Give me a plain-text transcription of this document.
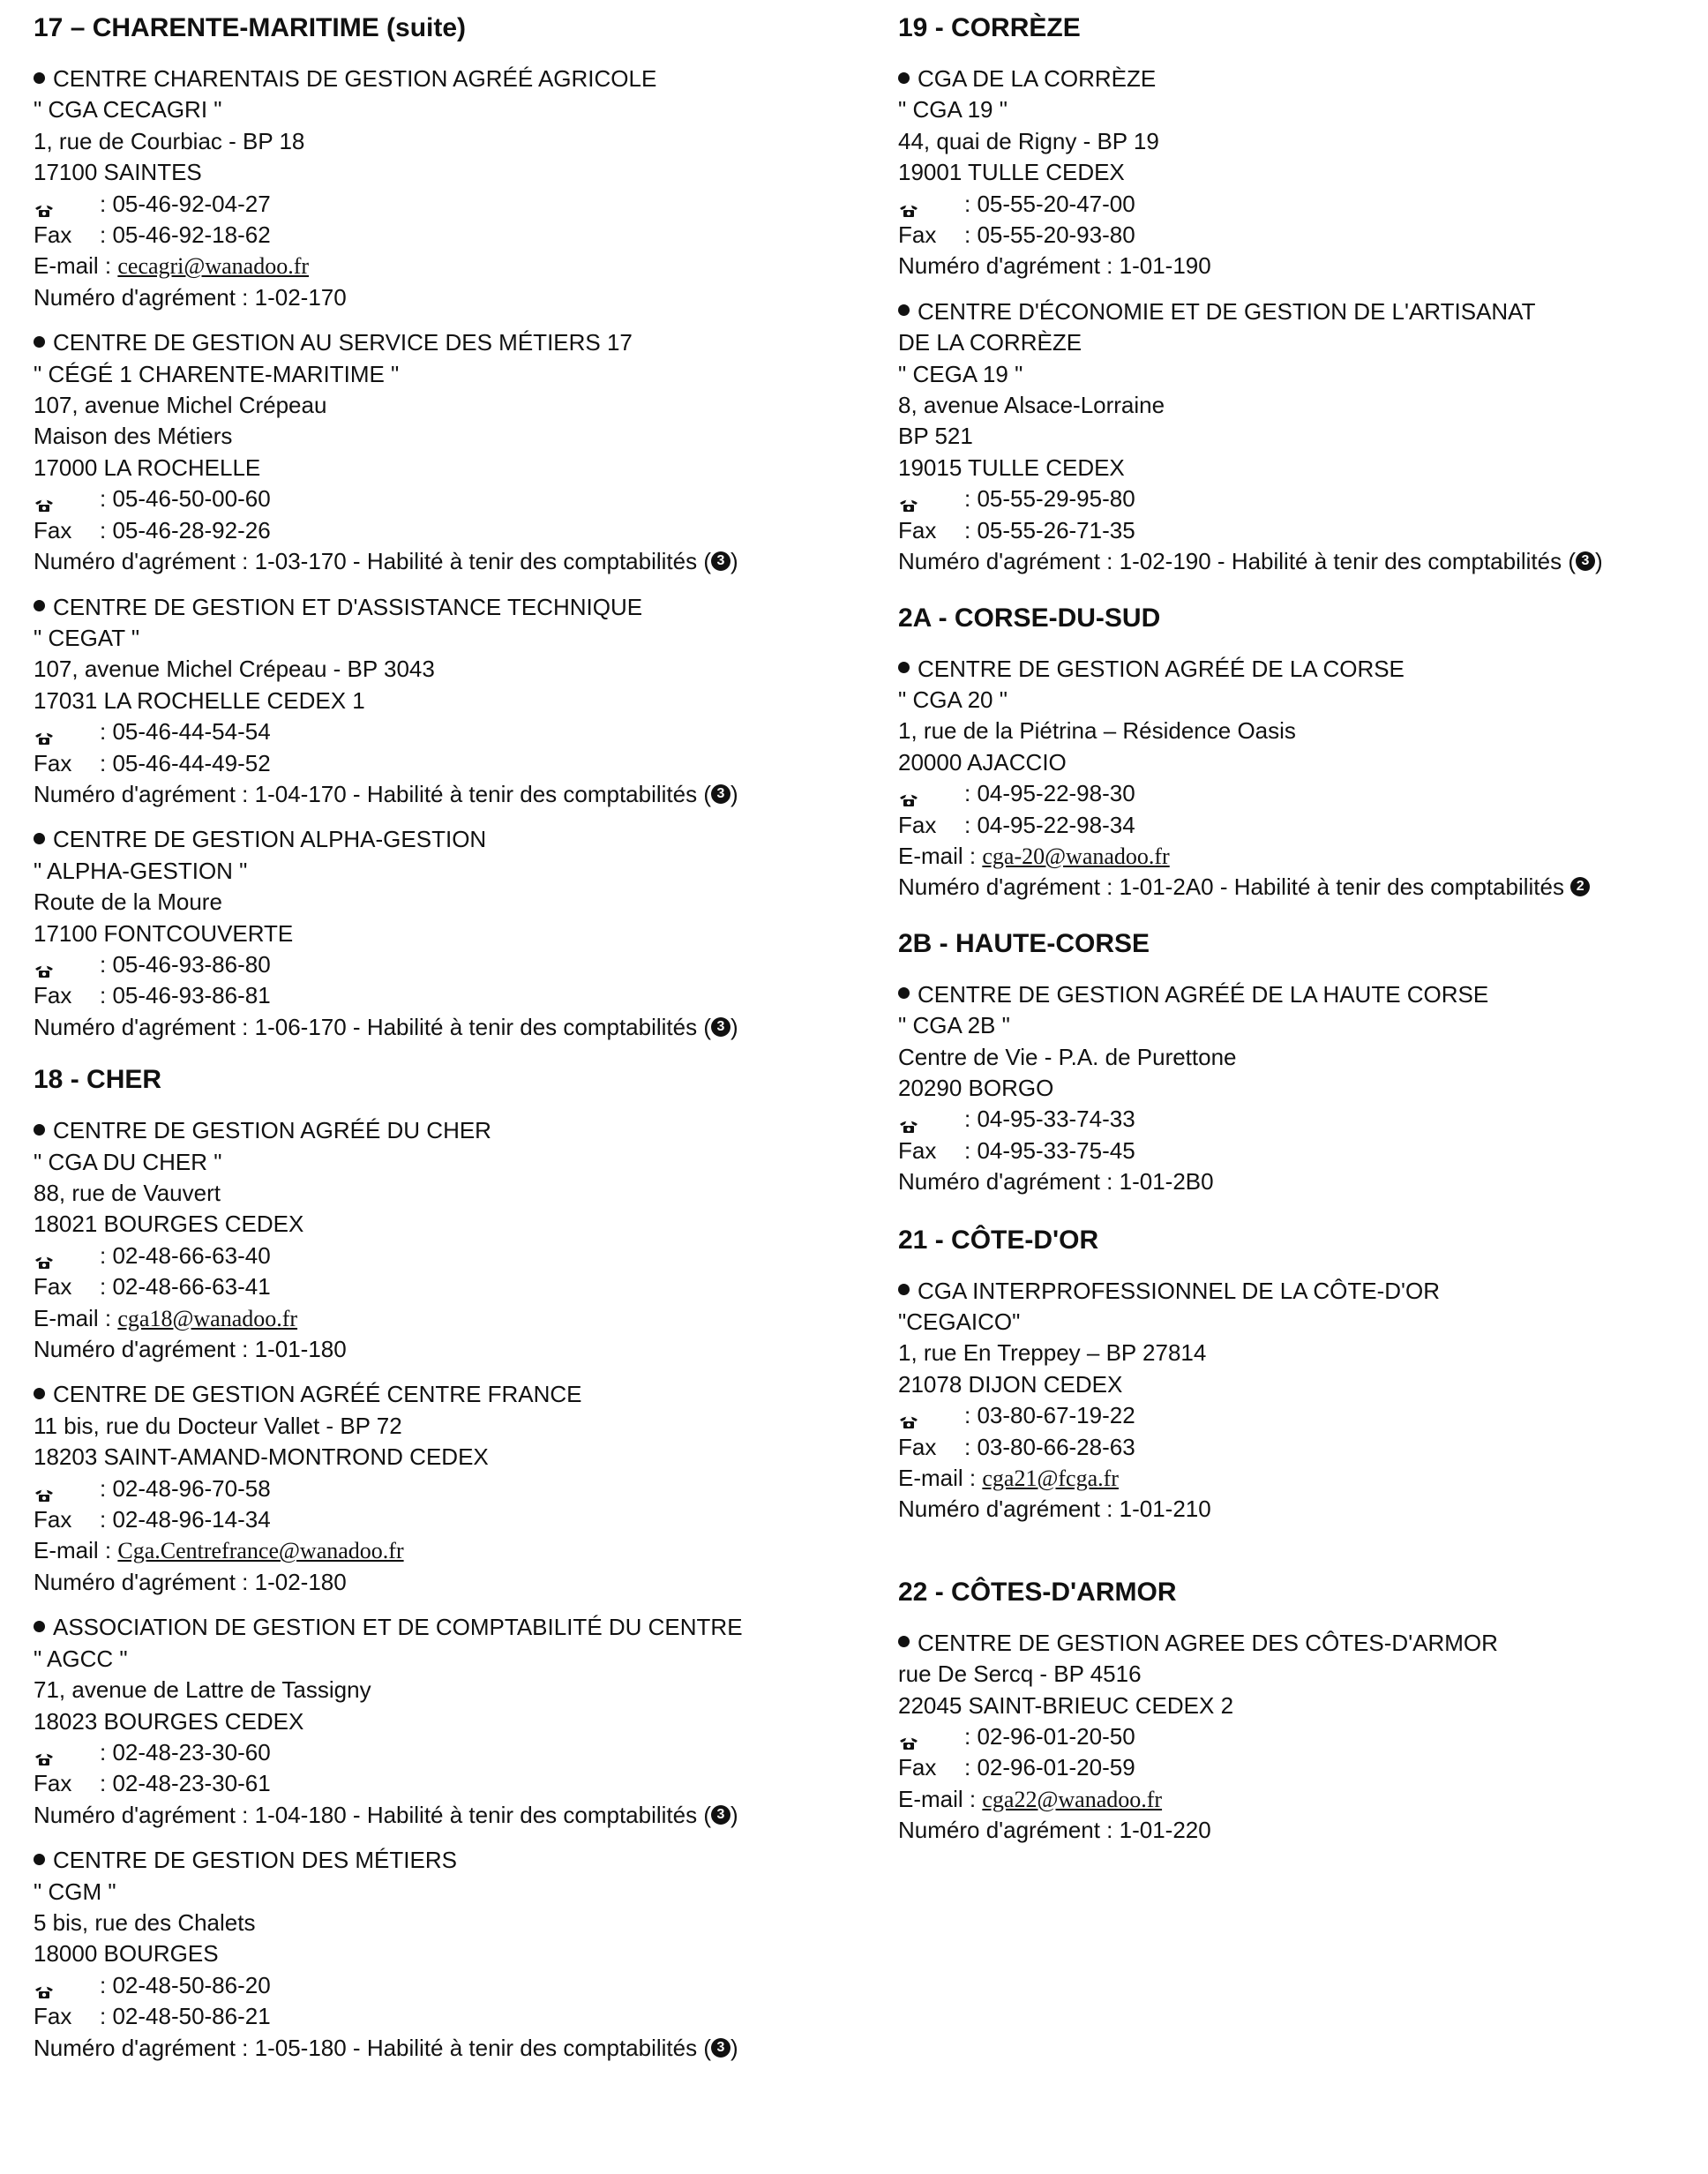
17 – CHARENTE-MARITIME (suite)
CENTRE CHARENTAIS DE GESTION AGRÉÉ AGRICOLE
" CGA CECAGRI "
1, rue de Courbiac - BP 18
17100 SAINTES
: 05-46-92-04-27
Fax : 05-46-92-18-62
E-mail : cecagri@wanadoo.fr
Numéro d'agrément : 1-02-170
CENTRE DE GESTION AU SERVICE DES MÉTIERS 17
" CÉGÉ 1 CHARENTE-MARITIME "
107, avenue Michel Crépeau
Maison des Métiers
17000 LA ROCHELLE
: 05-46-50-00-60
Fax : 05-46-28-92-26
Numéro d'agrément : 1-03-170 - Habilité à tenir des comptabilités ( 3 )
CENTRE DE GESTION ET D'ASSISTANCE TECHNIQUE
" CEGAT "
107, avenue Michel Crépeau - BP 3043
17031 LA ROCHELLE CEDEX 1
: 05-46-44-54-54
Fax : 05-46-44-49-52
Numéro d'agrément : 1-04-170 - Habilité à tenir des comptabilités ( 3 )
CENTRE DE GESTION ALPHA-GESTION
" ALPHA-GESTION "
Route de la Moure
17100 FONTCOUVERTE
: 05-46-93-86-80
Fax : 05-46-93-86-81
Numéro d'agrément : 1-06-170 - Habilité à tenir des comptabilités ( 3 )
18 - CHER
CENTRE DE GESTION AGRÉÉ DU CHER
" CGA DU CHER "
88, rue de Vauvert
18021 BOURGES CEDEX
: 02-48-66-63-40
Fax : 02-48-66-63-41
E-mail : cga18@wanadoo.fr
Numéro d'agrément : 1-01-180
CENTRE DE GESTION AGRÉÉ CENTRE FRANCE
11 bis, rue du Docteur Vallet - BP 72
18203 SAINT-AMAND-MONTROND CEDEX
: 02-48-96-70-58
Fax : 02-48-96-14-34
E-mail : Cga.Centrefrance@wanadoo.fr
Numéro d'agrément : 1-02-180
ASSOCIATION DE GESTION ET DE COMPTABILITÉ DU CENTRE
" AGCC "
71, avenue de Lattre de Tassigny
18023 BOURGES CEDEX
: 02-48-23-30-60
Fax : 02-48-23-30-61
Numéro d'agrément : 1-04-180 - Habilité à tenir des comptabilités ( 3 )
CENTRE DE GESTION DES MÉTIERS
" CGM "
5 bis, rue des Chalets
18000 BOURGES
: 02-48-50-86-20
Fax : 02-48-50-86-21
Numéro d'agrément : 1-05-180 - Habilité à tenir des comptabilités ( 3 )
19 - CORRÈZE
CGA DE LA CORRÈZE
" CGA 19 "
44, quai de Rigny - BP 19
19001 TULLE CEDEX
: 05-55-20-47-00
Fax : 05-55-20-93-80
Numéro d'agrément : 1-01-190
CENTRE D'ÉCONOMIE ET DE GESTION DE L'ARTISANAT
DE LA CORRÈZE
" CEGA 19 "
8, avenue Alsace-Lorraine
BP 521
19015 TULLE CEDEX
: 05-55-29-95-80
Fax : 05-55-26-71-35
Numéro d'agrément : 1-02-190 - Habilité à tenir des comptabilités ( 3 )
2A - CORSE-DU-SUD
CENTRE DE GESTION AGRÉÉ DE LA CORSE
" CGA 20 "
1, rue de la Piétrina – Résidence Oasis
20000 AJACCIO
: 04-95-22-98-30
Fax : 04-95-22-98-34
E-mail : cga-20@wanadoo.fr
Numéro d'agrément : 1-01-2A0 - Habilité à tenir des comptabilités 2
2B - HAUTE-CORSE
CENTRE DE GESTION AGRÉÉ DE LA HAUTE CORSE
" CGA 2B "
Centre de Vie - P.A. de Purettone
20290 BORGO
: 04-95-33-74-33
Fax : 04-95-33-75-45
Numéro d'agrément : 1-01-2B0
21 - CÔTE-D'OR
CGA INTERPROFESSIONNEL DE LA CÔTE-D'OR
"CEGAICO"
1, rue En Treppey – BP 27814
21078 DIJON CEDEX
: 03-80-67-19-22
Fax : 03-80-66-28-63
E-mail : cga21@fcga.fr
Numéro d'agrément : 1-01-210
22 - CÔTES-D'ARMOR
CENTRE DE GESTION AGREE DES CÔTES-D'ARMOR
rue De Sercq - BP 4516
22045 SAINT-BRIEUC CEDEX 2
: 02-96-01-20-50
Fax : 02-96-01-20-59
E-mail : cga22@wanadoo.fr
Numéro d'agrément : 1-01-220
